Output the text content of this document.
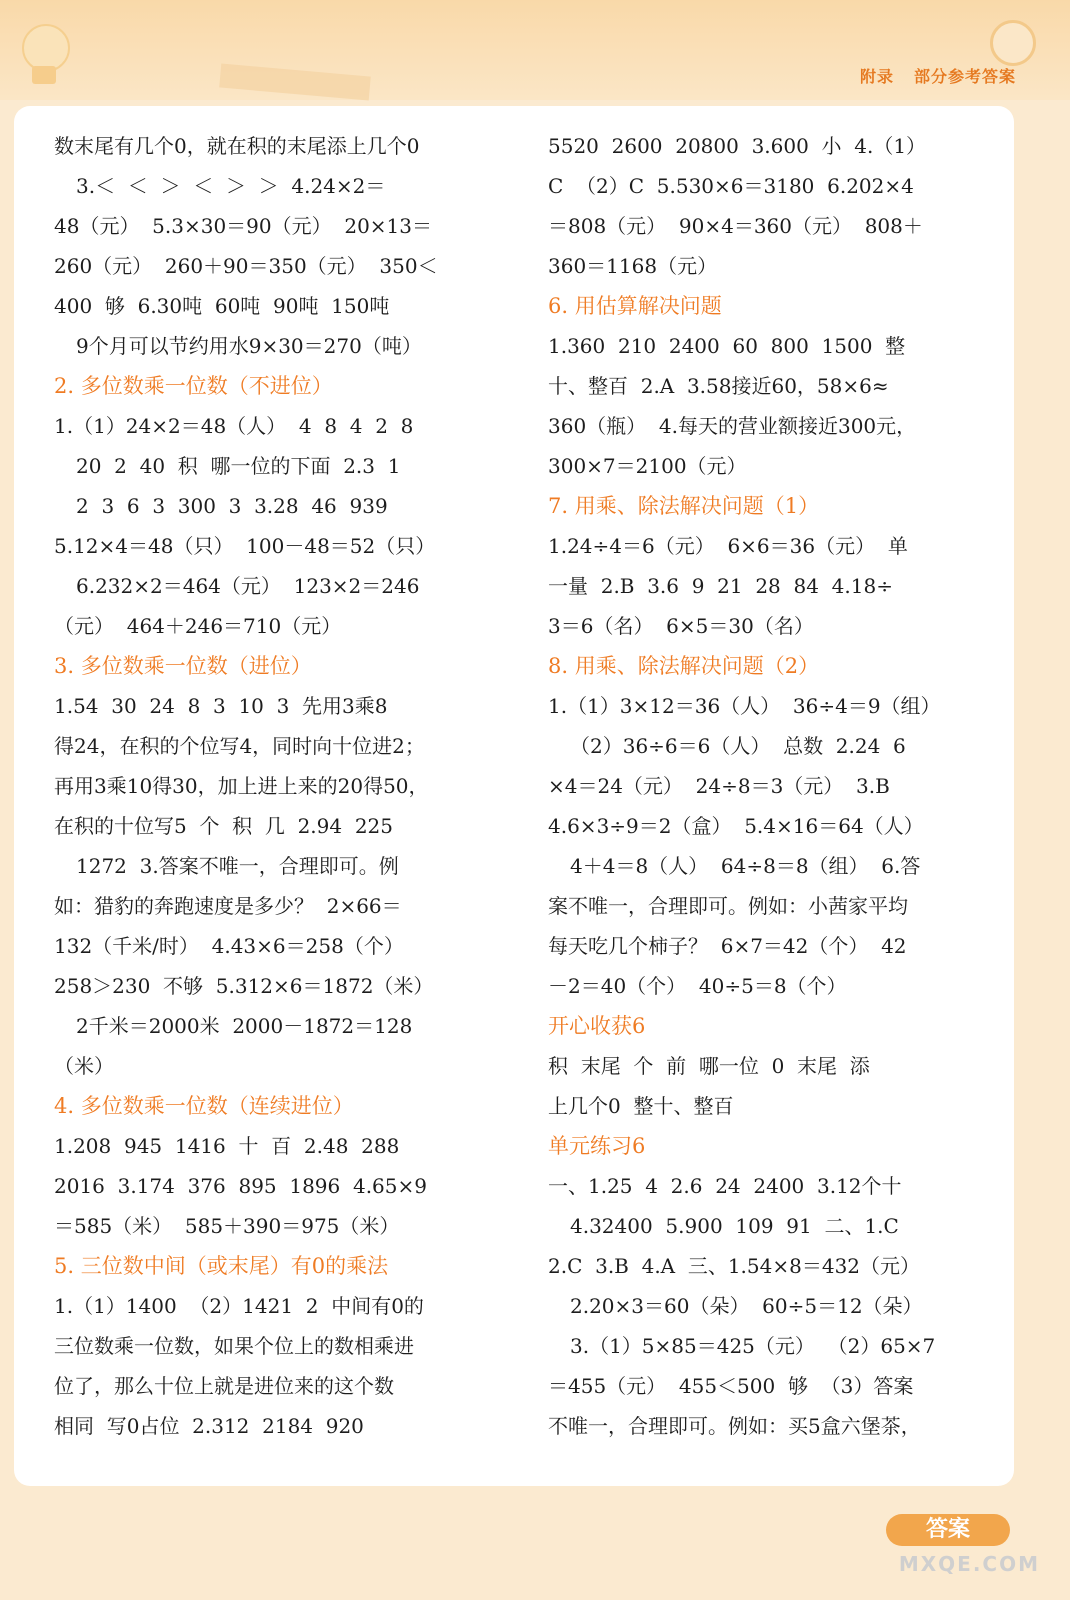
附录 部分参考答案
数末尾有几个0，就在积的末尾添上几个0
3.＜  ＜  ＞  ＜  ＞  ＞  4.24×2＝
48（元）  5.3×30＝90（元）  20×13＝
260（元）  260＋90＝350（元）  350＜
400  够  6.30吨  60吨  90吨  150吨
9个月可以节约用水9×30＝270（吨）
2. 多位数乘一位数（不进位）
1.（1）24×2＝48（人）  4  8  4  2  8
20  2  40  积  哪一位的下面  2.3  1
2  3  6  3  300  3  3.28  46  939
5.12×4＝48（只）  100－48＝52（只）
6.232×2＝464（元）  123×2＝246
（元）  464＋246＝710（元）
3. 多位数乘一位数（进位）
1.54  30  24  8  3  10  3  先用3乘8
得24，在积的个位写4，同时向十位进2；
再用3乘10得30，加上进上来的20得50，
在积的十位写5  个  积  几  2.94  225
1272  3.答案不唯一，合理即可。例
如：猎豹的奔跑速度是多少？  2×66＝
132（千米/时）  4.43×6＝258（个）
258＞230  不够  5.312×6＝1872（米）
2千米＝2000米  2000－1872＝128
（米）
4. 多位数乘一位数（连续进位）
1.208  945  1416  十  百  2.48  288
2016  3.174  376  895  1896  4.65×9
＝585（米）  585＋390＝975（米）
5. 三位数中间（或末尾）有0的乘法
1.（1）1400  （2）1421  2  中间有0的
三位数乘一位数，如果个位上的数相乘进
位了，那么十位上就是进位来的这个数
相同  写0占位  2.312  2184  920
5520  2600  20800  3.600  小  4.（1）
C  （2）C  5.530×6＝3180  6.202×4
＝808（元）  90×4＝360（元）  808＋
360＝1168（元）
6. 用估算解决问题
1.360  210  2400  60  800  1500  整
十、整百  2.A  3.58接近60，58×6≈
360（瓶）  4.每天的营业额接近300元，
300×7＝2100（元）
7. 用乘、除法解决问题（1）
1.24÷4＝6（元）  6×6＝36（元）  单
一量  2.B  3.6  9  21  28  84  4.18÷
3＝6（名）  6×5＝30（名）
8. 用乘、除法解决问题（2）
1.（1）3×12＝36（人）  36÷4＝9（组）
（2）36÷6＝6（人）  总数  2.24  6
×4＝24（元）  24÷8＝3（元）  3.B
4.6×3÷9＝2（盒）  5.4×16＝64（人）
4＋4＝8（人）  64÷8＝8（组）  6.答
案不唯一，合理即可。例如：小茜家平均
每天吃几个柿子？  6×7＝42（个）  42
－2＝40（个）  40÷5＝8（个）
开心收获6
积  末尾  个  前  哪一位  0  末尾  添
上几个0  整十、整百
单元练习6
一、1.25  4  2.6  24  2400  3.12个十
4.32400  5.900  109  91  二、1.C
2.C  3.B  4.A  三、1.54×8＝432（元）
2.20×3＝60（朵）  60÷5＝12（朵）
3.（1）5×85＝425（元）  （2）65×7
＝455（元）  455＜500  够  （3）答案
不唯一，合理即可。例如：买5盒六堡茶，
答案
MXQE.COM
